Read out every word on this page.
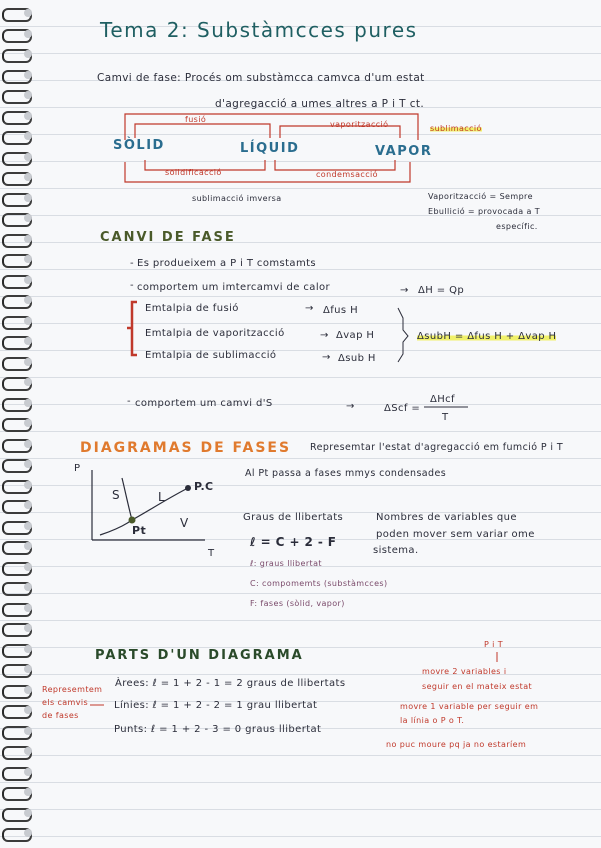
Tema 2: Substàmcces pures
Camvi de fase: Procés om substàmcca camvca d'um estat
d'agregacció a umes altres a P i T ct.
fusió
vaporitzacció	sublimacció
SÒLID	LÍQUID	VAPOR
solidificacció	condemsacció
sublimacció imversa	Vaporitzacció = Sempre
Ebullició = provocada a T
específic.
CANVI DE FASE
- Es produeixem a P i T comstamts
- comportem um imtercamvi de calor	→ ΔH = Qp
Emtalpia de fusió	→ Δfus H
Emtalpia de vaporitzacció	→ Δvap H
Emtalpia de sublimacció	→ Δsub H
ΔsubH = Δfus H + Δvap H
- comportem um camvi d'S	→	ΔScf =
ΔHcf
T
DIAGRAMAS DE FASES Represemtar l'estat d'agregacció em fumció P i T
Al Pt passa a fases mmys condensades
P
T
S	L
V
P.C
Pt
Graus de llibertats	Nombres de variables que
poden mover sem variar ome
sistema.
ℓ = C + 2 - F
ℓ: graus llibertat
C: compomemts (substàmcces)
F: fases (sòlid, vapor)
PARTS D'UN DIAGRAMA
P i T
Represemtem
els camvis
de fases
Àrees: ℓ = 1 + 2 - 1 = 2 graus de llibertats
movre 2 variables i
seguir en el mateix estat
Línies: ℓ = 1 + 2 - 2 = 1 grau llibertat	movre 1 variable per seguir em
la línia o P o T.
Punts: ℓ = 1 + 2 - 3 = 0 graus llibertat
no puc moure pq ja no estaríem
